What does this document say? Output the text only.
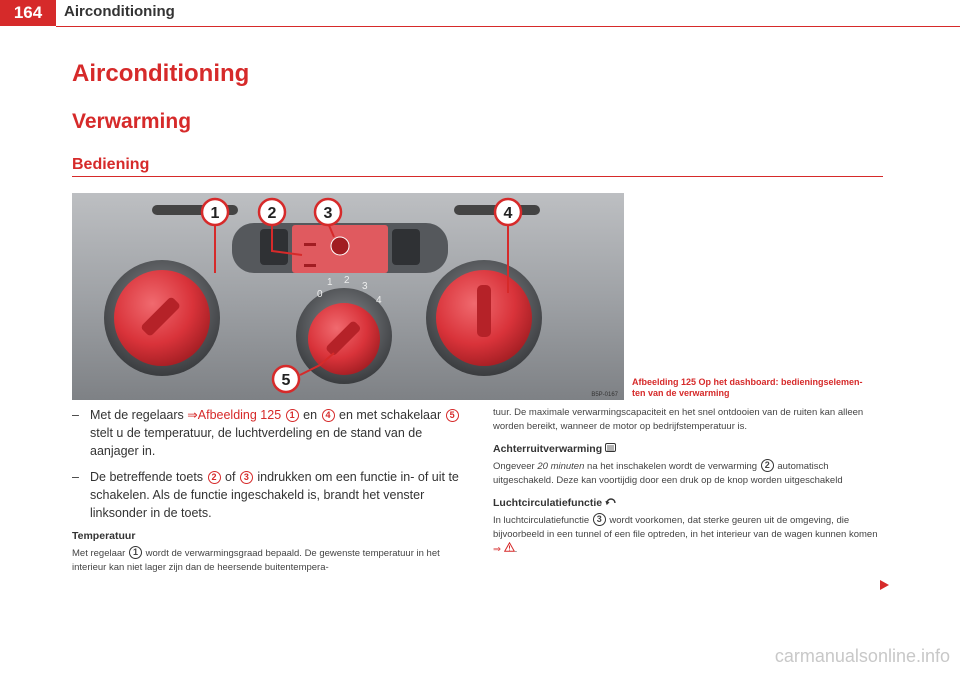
164	Airconditioning
Airconditioning
Verwarming
Bediening
0
1 2
3
4
1	2	3	4
5
B5P-0167
Afbeelding 125 Op het dashboard: bedieningselemen-
ten van de verwarming
– Met de regelaars ⇒Afbeelding 125 1 en 4 en met schakelaar 5 stelt u de temperatuur, de luchtverdeling en de stand van de aanjager in.
– De betreffende toets 2 of 3 indrukken om een functie in- of uit te schakelen. Als de functie ingeschakeld is, brandt het venster linksonder in de toets.
Temperatuur
Met regelaar 1 wordt de verwarmingsgraad bepaald. De gewenste temperatuur in het interieur kan niet lager zijn dan de heersende buitentempera-
tuur. De maximale verwarmingscapaciteit en het snel ontdooien van de ruiten kan alleen worden bereikt, wanneer de motor op bedrijfstemperatuur is.
Achterruitverwarming
Ongeveer 20 minuten na het inschakelen wordt de verwarming 2 automatisch uitgeschakeld. Deze kan voortijdig door een druk op de knop worden uitgeschakeld
Luchtcirculatiefunctie
In luchtcirculatiefunctie 3 wordt voorkomen, dat sterke geuren uit de omgeving, die bijvoorbeeld in een tunnel of een file optreden, in het interieur van de wagen kunnen komen ⇒ .
carmanualsonline.info
